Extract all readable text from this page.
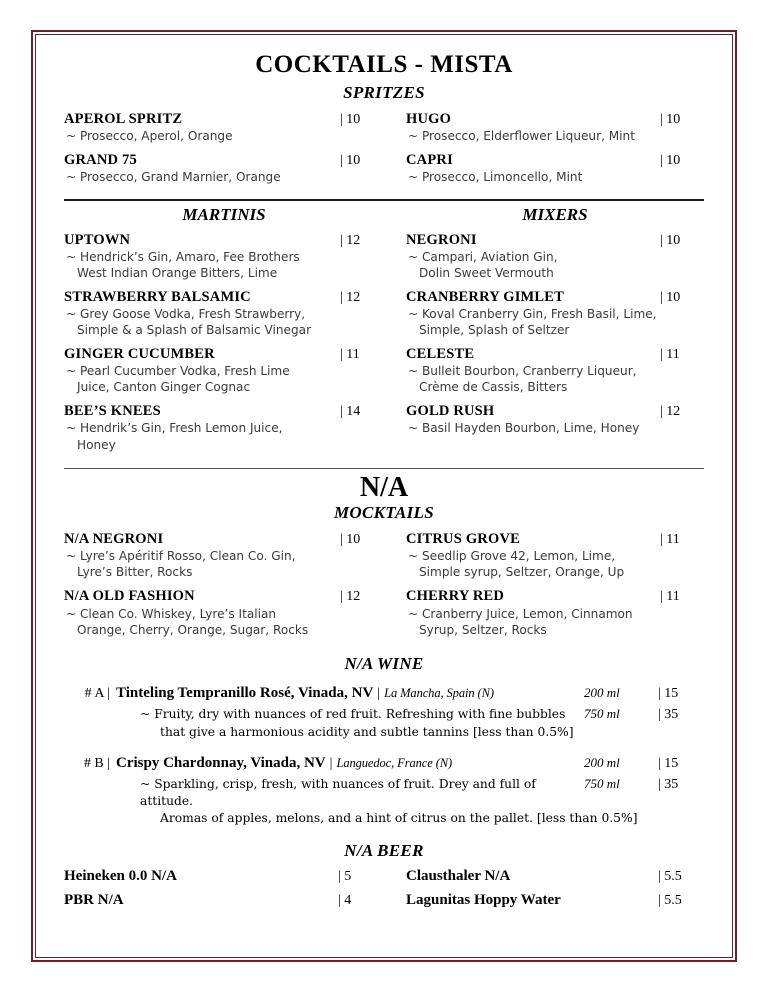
COCKTAILS - MISTA
SPRITZES
APEROL SPRITZ	| 10
~ Prosecco, Aperol, Orange
GRAND 75	| 10
~ Prosecco, Grand Marnier, Orange
HUGO	| 10
~ Prosecco, Elderflower Liqueur, Mint
CAPRI	| 10
~ Prosecco, Limoncello, Mint
MARTINIS
UPTOWN	| 12
~ Hendrick’s Gin, Amaro, Fee Brothers
West Indian Orange Bitters, Lime
STRAWBERRY BALSAMIC	| 12
~ Grey Goose Vodka, Fresh Strawberry,
Simple & a Splash of Balsamic Vinegar
GINGER CUCUMBER	| 11
~ Pearl Cucumber Vodka, Fresh Lime
Juice, Canton Ginger Cognac
BEE’S KNEES	| 14
~ Hendrik’s Gin, Fresh Lemon Juice,
Honey
MIXERS
NEGRONI	| 10
~ Campari, Aviation Gin,
Dolin Sweet Vermouth
CRANBERRY GIMLET	| 10
~ Koval Cranberry Gin, Fresh Basil, Lime,
Simple, Splash of Seltzer
CELESTE	| 11
~ Bulleit Bourbon, Cranberry Liqueur,
Crème de Cassis, Bitters
GOLD RUSH	| 12
~ Basil Hayden Bourbon, Lime, Honey
N/A
MOCKTAILS
N/A NEGRONI	| 10
~ Lyre’s Apéritif Rosso, Clean Co. Gin,
Lyre’s Bitter, Rocks
N/A OLD FASHION	| 12
~ Clean Co. Whiskey, Lyre’s Italian
Orange, Cherry, Orange, Sugar, Rocks
CITRUS GROVE	| 11
~ Seedlip Grove 42, Lemon, Lime,
Simple syrup, Seltzer, Orange, Up
CHERRY RED	| 11
~ Cranberry Juice, Lemon, Cinnamon
Syrup, Seltzer, Rocks
N/A WINE
# A | Tinteling Tempranillo Rosé, Vinada, NV | La Mancha, Spain (N)	200 ml	| 15
~ Fruity, dry with nuances of red fruit. Refreshing with fine bubbles	750 ml	| 35
that give a harmonious acidity and subtle tannins [less than 0.5%]
# B | Crispy Chardonnay, Vinada, NV | Languedoc, France (N)	200 ml	| 15
~ Sparkling, crisp, fresh, with nuances of fruit. Drey and full of attitude.
750 ml	| 35
Aromas of apples, melons, and a hint of citrus on the pallet. [less than 0.5%]
N/A BEER
Heineken 0.0 N/A	| 5
PBR N/A	| 4
Clausthaler N/A	| 5.5
Lagunitas Hoppy Water	| 5.5
